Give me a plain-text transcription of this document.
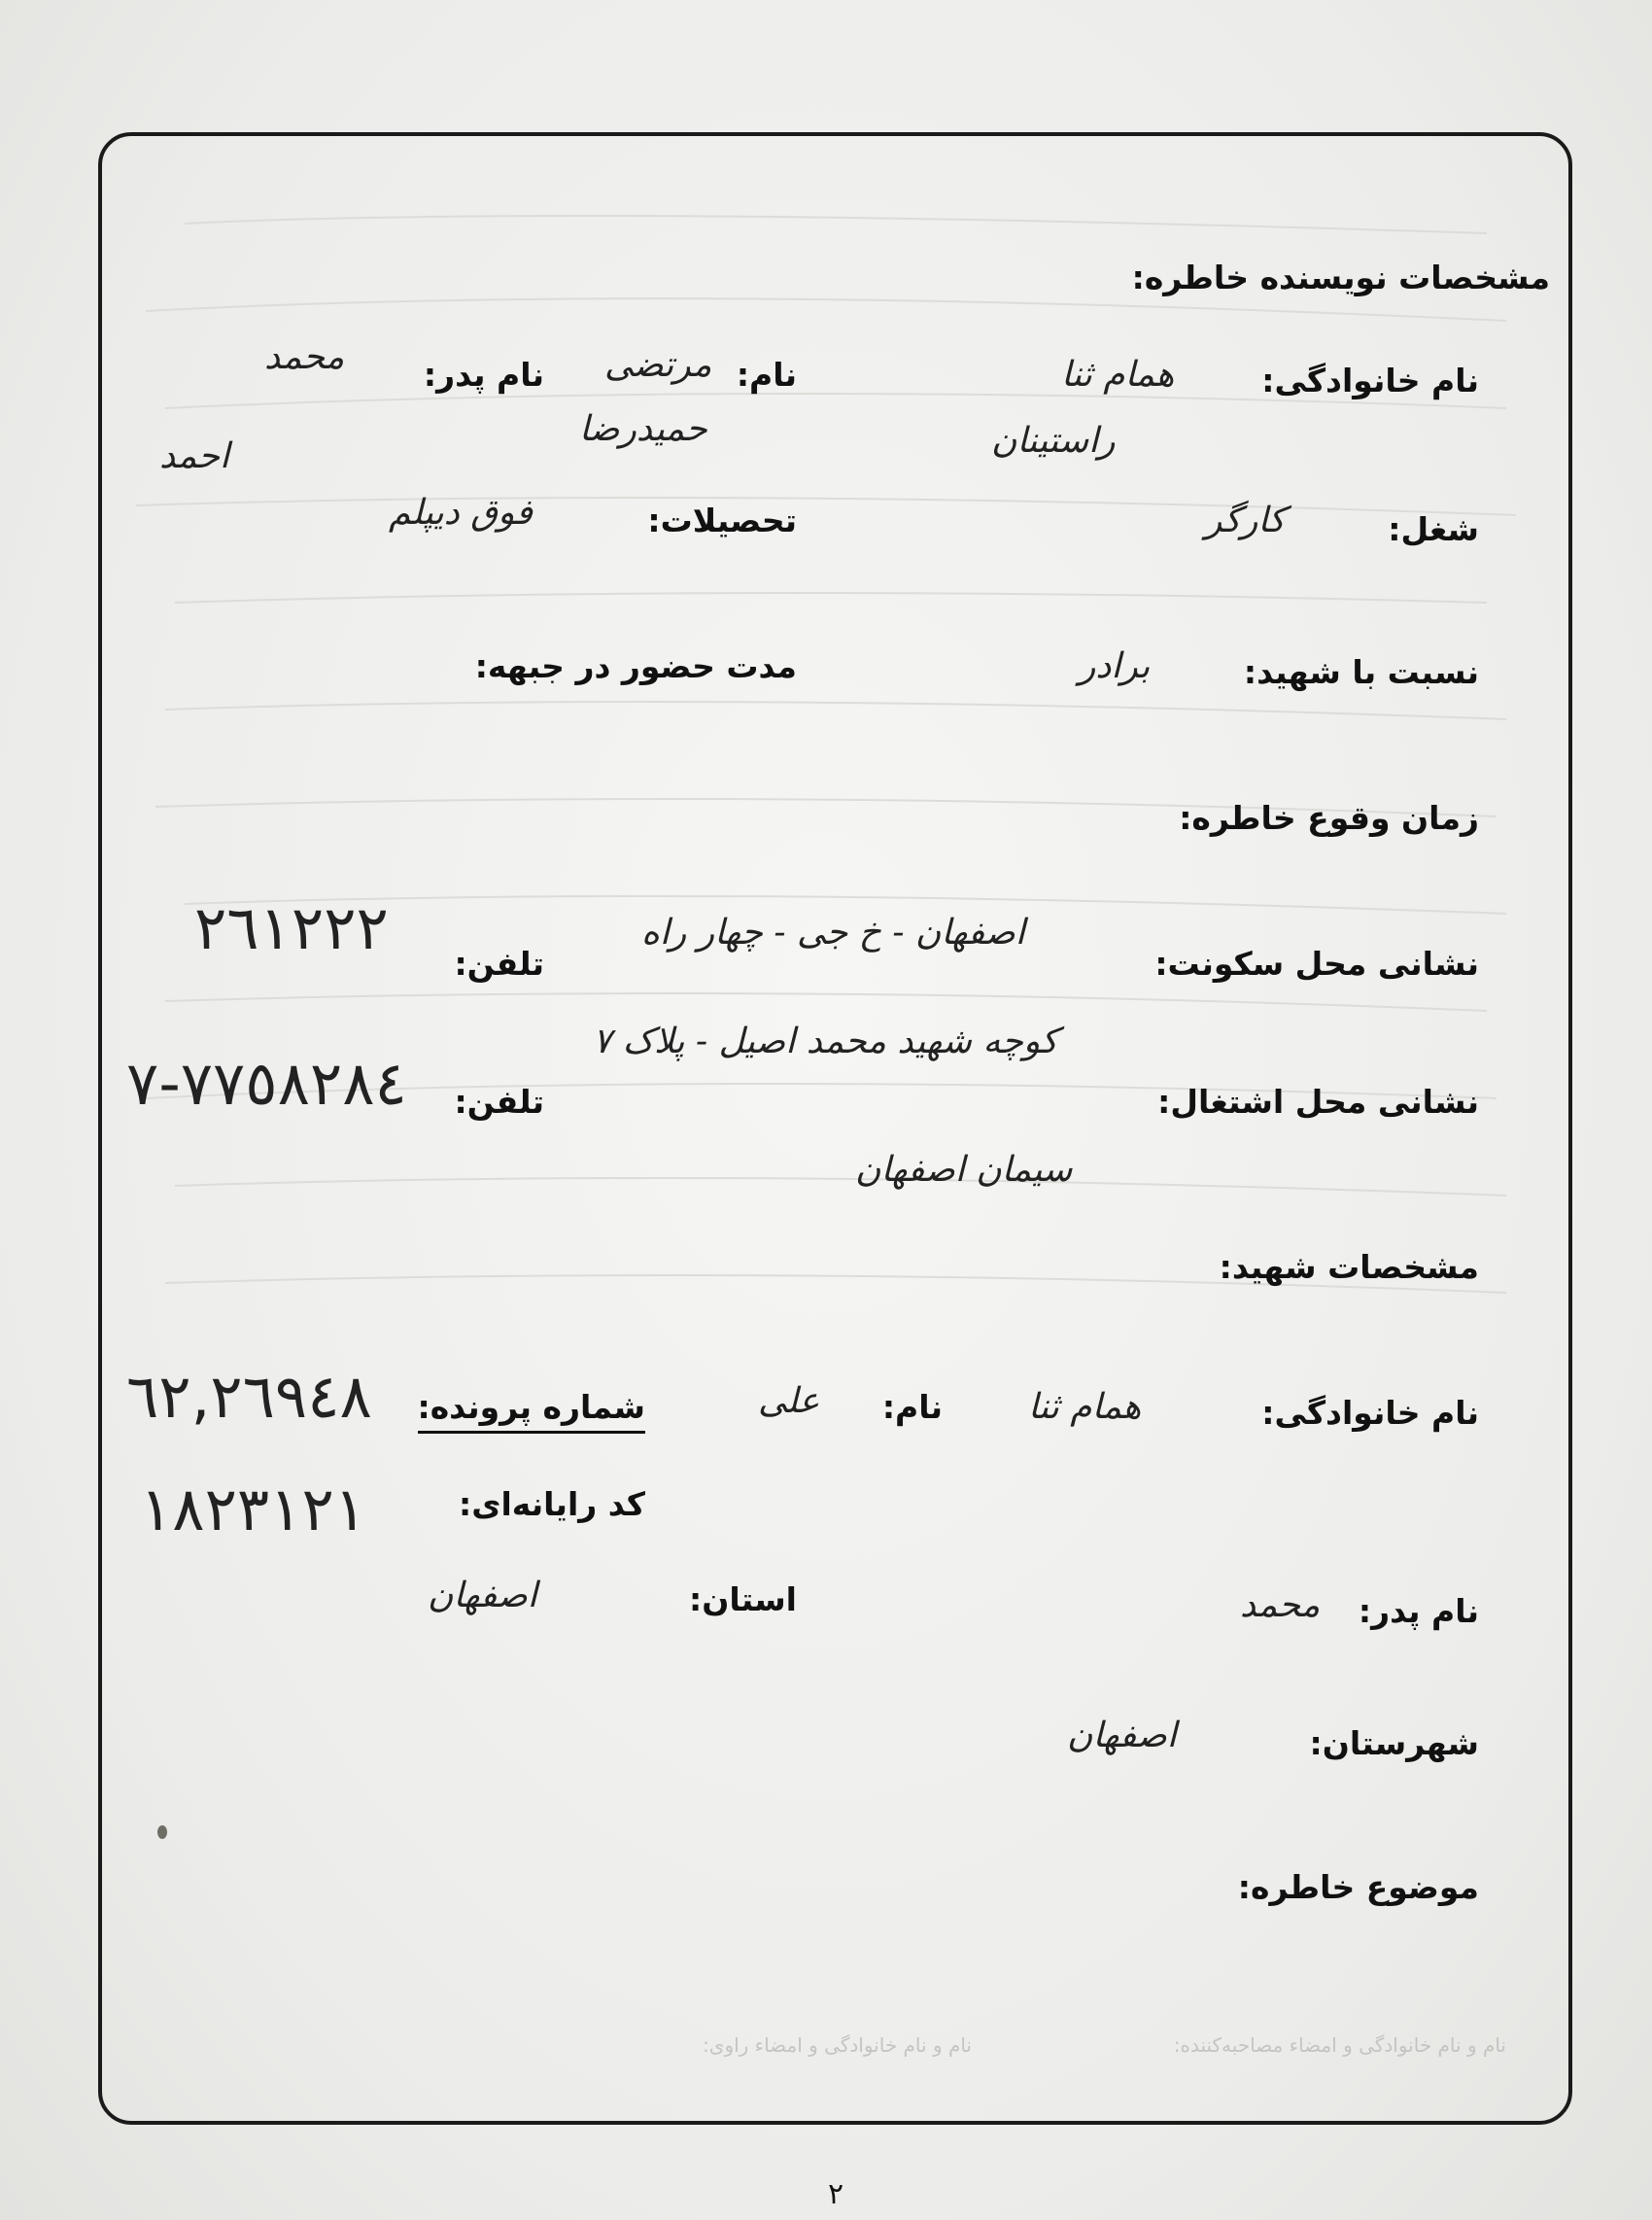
مشخصات نویسنده خاطره:
نام خانوادگی:
همام ثنا
راستینان
نام:
مرتضی
حمیدرضا
نام پدر:
محمد
احمد
شغل:
کارگر
تحصیلات:
فوق دیپلم
نسبت با شهید:
برادر
مدت حضور در جبهه:
زمان وقوع خاطره:
نشانی محل سکونت:
اصفهان - خ جی - چهار راه
کوچه شهید محمد اصیل - پلاک ۷
تلفن:
٢٦١٢٢٢
نشانی محل اشتغال:
سیمان اصفهان
تلفن:
٧٧٥٨٢٨٤-٧
مشخصات شهید:
نام خانوادگی:
همام ثنا
نام:
علی
شماره پرونده:
٦٢,٢٦٩٤٨
کد رایانه‌ای:
١٨٢٣١٢١
نام پدر:
محمد
استان:
اصفهان
شهرستان:
اصفهان
موضوع خاطره:
نام و نام خانوادگی و امضاء مصاحبه‌کننده:
نام و نام خانوادگی و امضاء راوی:
٢
